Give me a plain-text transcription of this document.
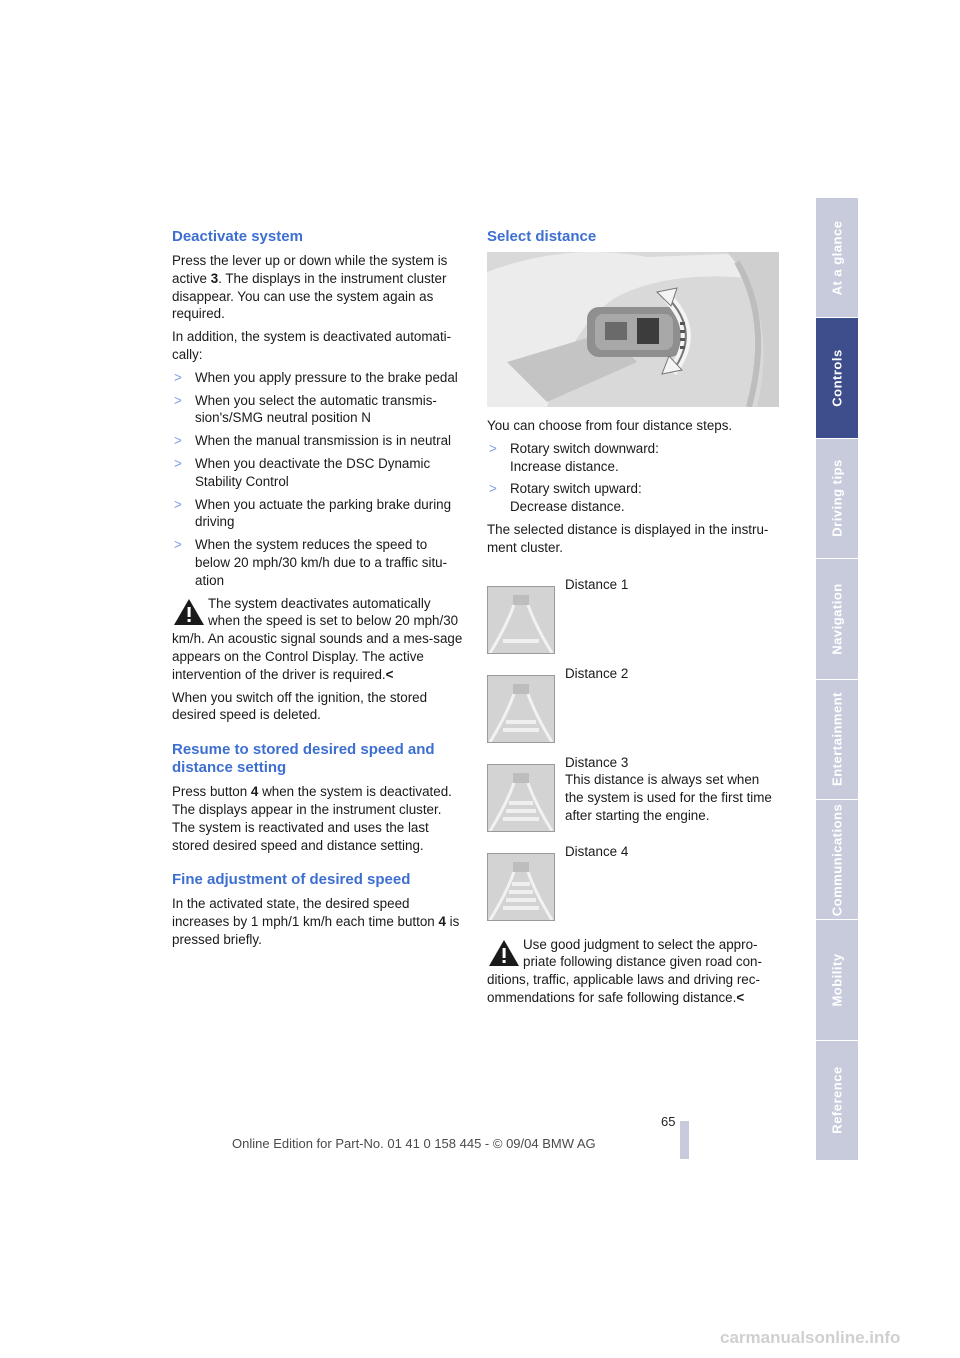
Deactivate system

Press the lever up or down while the system is active 3. The displays in the instrument cluster disappear. You can use the system again as required.

In addition, the system is deactivated automati-cally:

> When you apply pressure to the brake pedal
> When you select the automatic transmis-sion's/SMG neutral position N
> When the manual transmission is in neutral
> When you deactivate the DSC Dynamic Stability Control
> When you actuate the parking brake during driving
> When the system reduces the speed to below 20 mph/30 km/h due to a traffic situ-ation
The system deactivates automatically when the speed is set to below 20 mph/30 km/h. An acoustic signal sounds and a mes-sage appears on the Control Display. The active intervention of the driver is required.<

When you switch off the ignition, the stored desired speed is deleted.

Resume to stored desired speed and distance setting

Press button 4 when the system is deactivated. The displays appear in the instrument cluster. The system is reactivated and uses the last stored desired speed and distance setting.

Fine adjustment of desired speed

In the activated state, the desired speed increases by 1 mph/1 km/h each time button 4 is pressed briefly.

Select distance

You can choose from four distance steps.

> Rotary switch downward:
Increase distance.
> Rotary switch upward:
Decrease distance.

The selected distance is displayed in the instru-ment cluster.

Distance 1
Distance 2
Distance 3
This distance is always set when the system is used for the first time after starting the engine.
Distance 4
Use good judgment to select the appro-priate following distance given road con-ditions, traffic, applicable laws and driving rec-ommendations for safe following distance.<
At a glance
Controls
Driving tips
Navigation
Entertainment
Communications
Mobility
Reference
65
Online Edition for Part-No. 01 41 0 158 445 - © 09/04 BMW AG
carmanualsonline.info
